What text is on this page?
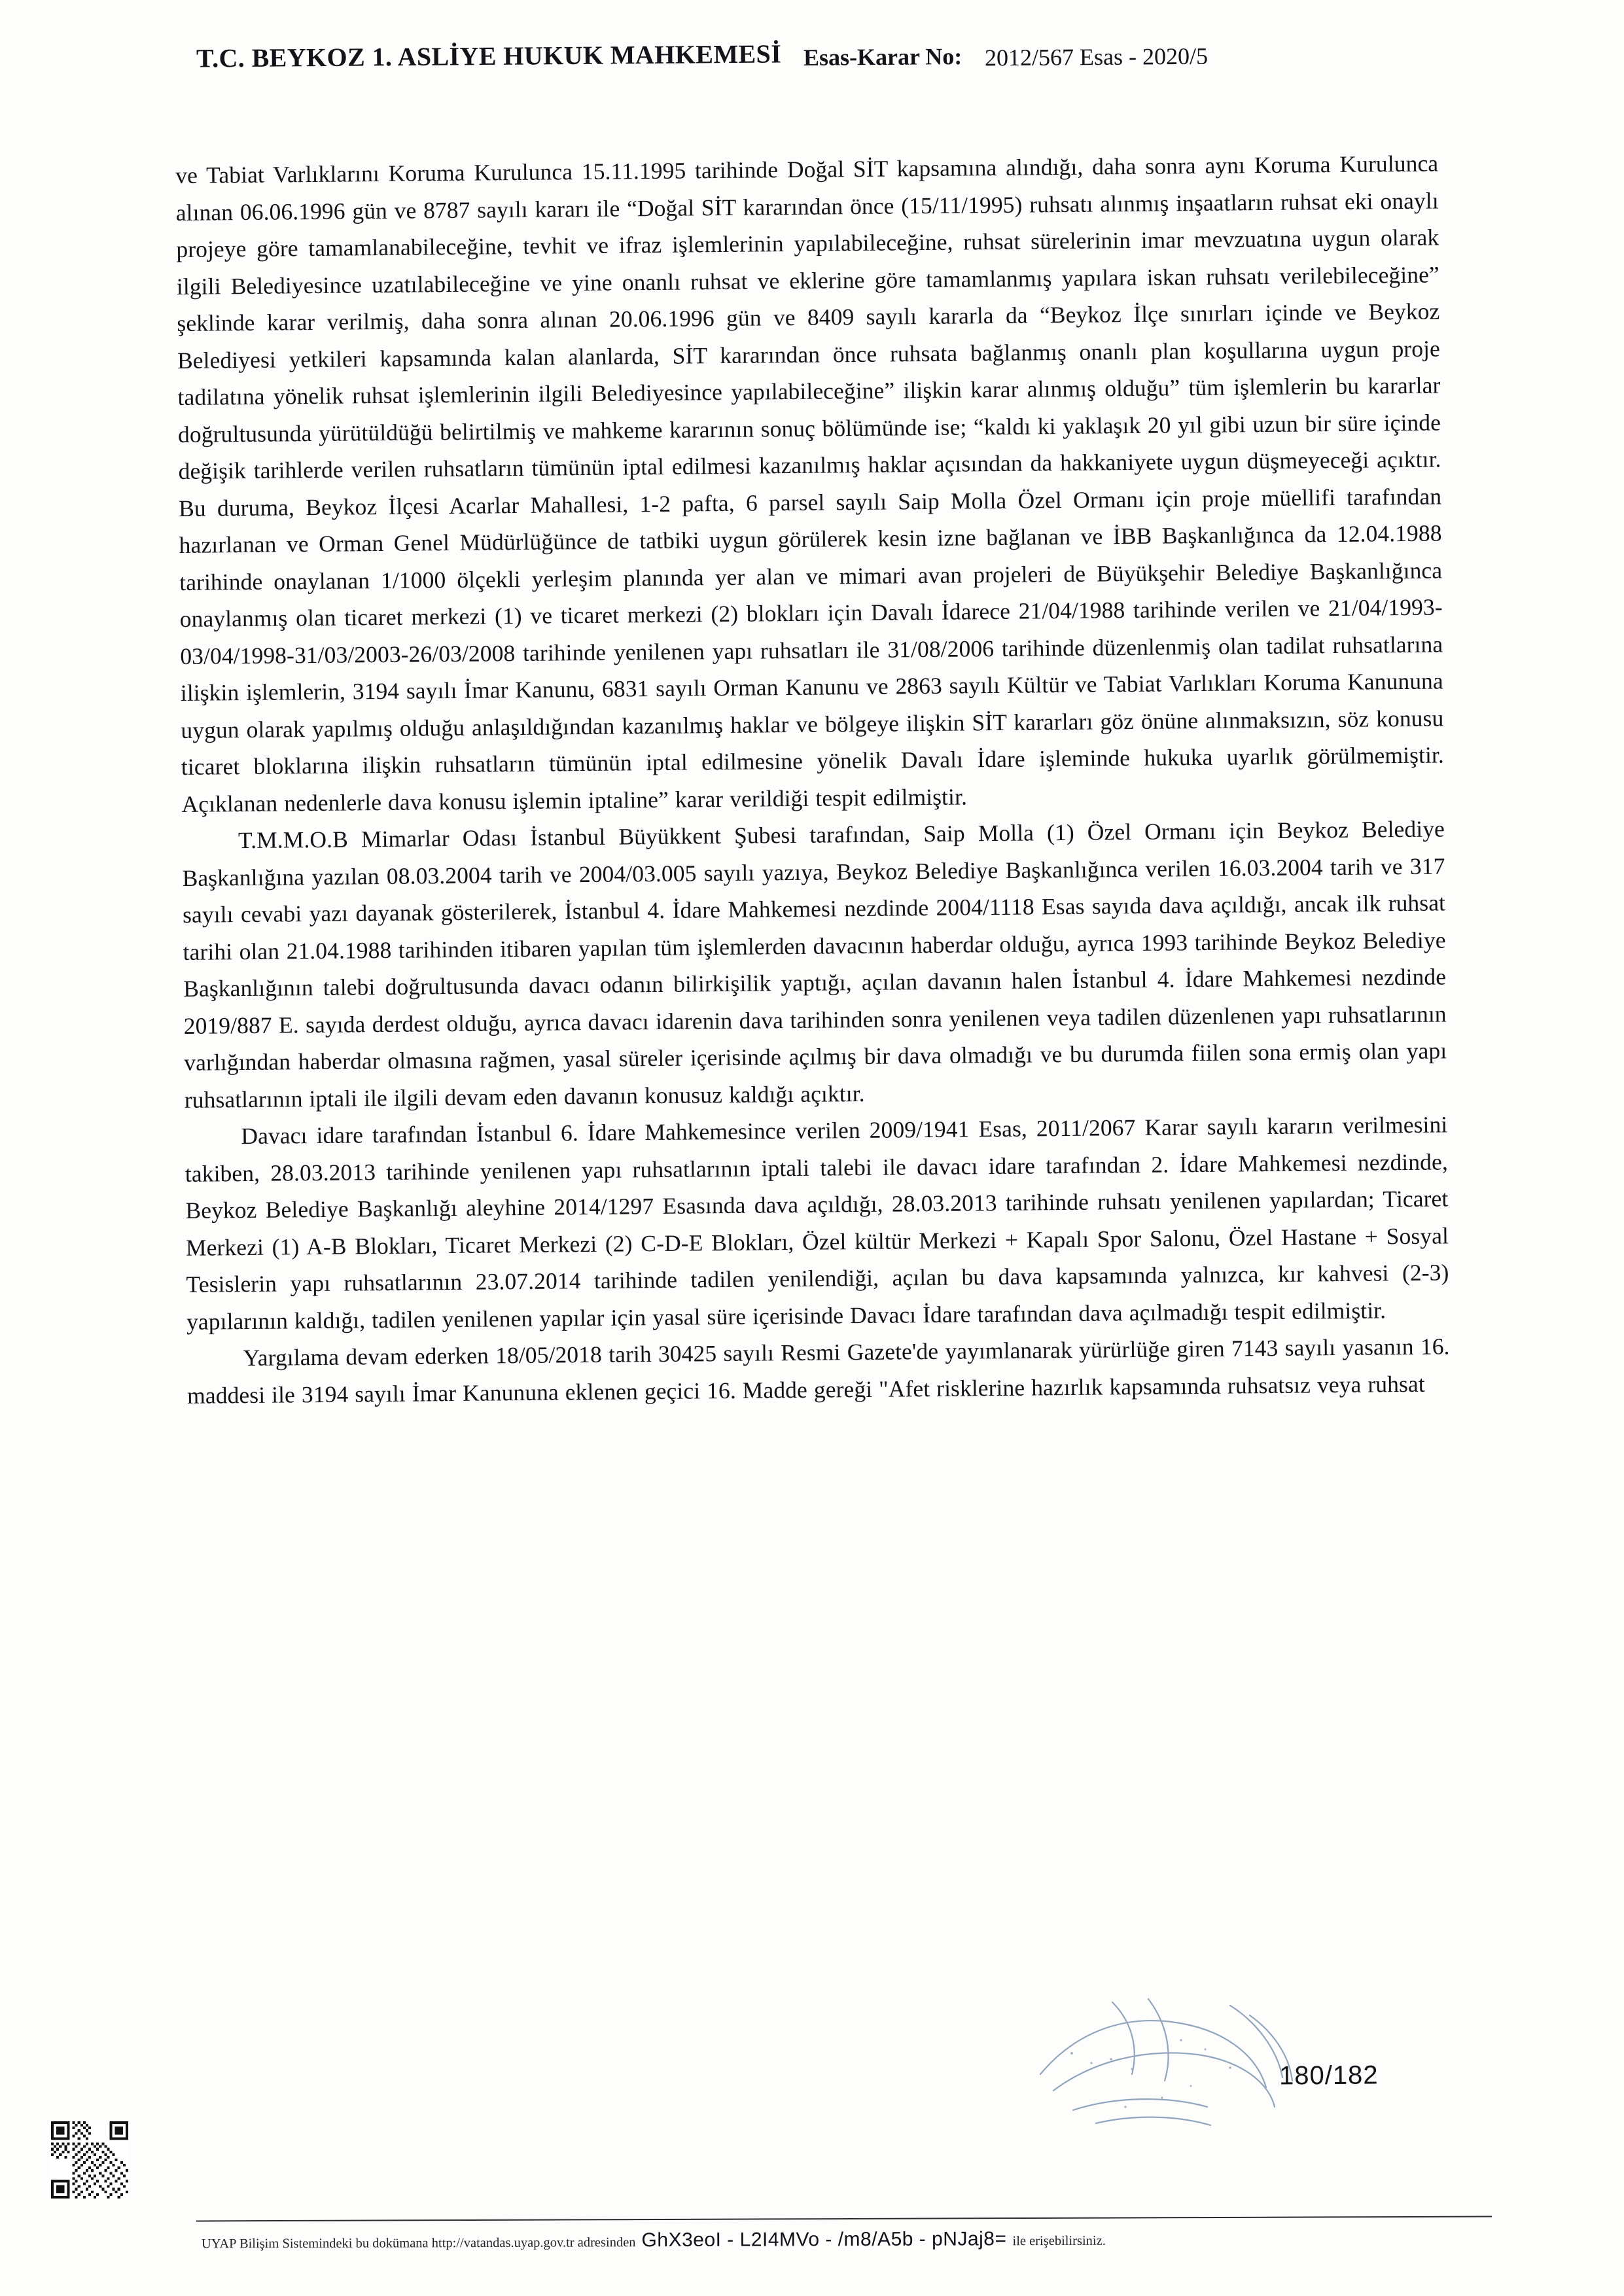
T.C. BEYKOZ 1. ASLİYE HUKUK MAHKEMESİ Esas-Karar No: 2012/567 Esas - 2020/5

ve Tabiat Varlıklarını Koruma Kurulunca 15.11.1995 tarihinde Doğal SİT kapsamına alındığı, daha sonra aynı Koruma Kurulunca alınan 06.06.1996 gün ve 8787 sayılı kararı ile “Doğal SİT kararından önce (15/11/1995) ruhsatı alınmış inşaatların ruhsat eki onaylı projeye göre tamamlanabileceğine, tevhit ve ifraz işlemlerinin yapılabileceğine, ruhsat sürelerinin imar mevzuatına uygun olarak ilgili Belediyesince uzatılabileceğine ve yine onanlı ruhsat ve eklerine göre tamamlanmış yapılara iskan ruhsatı verilebileceğine” şeklinde karar verilmiş, daha sonra alınan 20.06.1996 gün ve 8409 sayılı kararla da “Beykoz İlçe sınırları içinde ve Beykoz Belediyesi yetkileri kapsamında kalan alanlarda, SİT kararından önce ruhsata bağlanmış onanlı plan koşullarına uygun proje tadilatına yönelik ruhsat işlemlerinin ilgili Belediyesince yapılabileceğine” ilişkin karar alınmış olduğu” tüm işlemlerin bu kararlar doğrultusunda yürütüldüğü belirtilmiş ve mahkeme kararının sonuç bölümünde ise; “kaldı ki yaklaşık 20 yıl gibi uzun bir süre içinde değişik tarihlerde verilen ruhsatların tümünün iptal edilmesi kazanılmış haklar açısından da hakkaniyete uygun düşmeyeceği açıktır. Bu duruma, Beykoz İlçesi Acarlar Mahallesi, 1-2 pafta, 6 parsel sayılı Saip Molla Özel Ormanı için proje müellifi tarafından hazırlanan ve Orman Genel Müdürlüğünce de tatbiki uygun görülerek kesin izne bağlanan ve İBB Başkanlığınca da 12.04.1988 tarihinde onaylanan 1/1000 ölçekli yerleşim planında yer alan ve mimari avan projeleri de Büyükşehir Belediye Başkanlığınca onaylanmış olan ticaret merkezi (1) ve ticaret merkezi (2) blokları için Davalı İdarece 21/04/1988 tarihinde verilen ve 21/04/1993-03/04/1998-31/03/2003-26/03/2008 tarihinde yenilenen yapı ruhsatları ile 31/08/2006 tarihinde düzenlenmiş olan tadilat ruhsatlarına ilişkin işlemlerin, 3194 sayılı İmar Kanunu, 6831 sayılı Orman Kanunu ve 2863 sayılı Kültür ve Tabiat Varlıkları Koruma Kanununa uygun olarak yapılmış olduğu anlaşıldığından kazanılmış haklar ve bölgeye ilişkin SİT kararları göz önüne alınmaksızın, söz konusu ticaret bloklarına ilişkin ruhsatların tümünün iptal edilmesine yönelik Davalı İdare işleminde hukuka uyarlık görülmemiştir. Açıklanan nedenlerle dava konusu işlemin iptaline” karar verildiği tespit edilmiştir.

T.M.M.O.B Mimarlar Odası İstanbul Büyükkent Şubesi tarafından, Saip Molla (1) Özel Ormanı için Beykoz Belediye Başkanlığına yazılan 08.03.2004 tarih ve 2004/03.005 sayılı yazıya, Beykoz Belediye Başkanlığınca verilen 16.03.2004 tarih ve 317 sayılı cevabi yazı dayanak gösterilerek, İstanbul 4. İdare Mahkemesi nezdinde 2004/1118 Esas sayıda dava açıldığı, ancak ilk ruhsat tarihi olan 21.04.1988 tarihinden itibaren yapılan tüm işlemlerden davacının haberdar olduğu, ayrıca 1993 tarihinde Beykoz Belediye Başkanlığının talebi doğrultusunda davacı odanın bilirkişilik yaptığı, açılan davanın halen İstanbul 4. İdare Mahkemesi nezdinde 2019/887 E. sayıda derdest olduğu, ayrıca davacı idarenin dava tarihinden sonra yenilenen veya tadilen düzenlenen yapı ruhsatlarının varlığından haberdar olmasına rağmen, yasal süreler içerisinde açılmış bir dava olmadığı ve bu durumda fiilen sona ermiş olan yapı ruhsatlarının iptali ile ilgili devam eden davanın konusuz kaldığı açıktır.

Davacı idare tarafından İstanbul 6. İdare Mahkemesince verilen 2009/1941 Esas, 2011/2067 Karar sayılı kararın verilmesini takiben, 28.03.2013 tarihinde yenilenen yapı ruhsatlarının iptali talebi ile davacı idare tarafından 2. İdare Mahkemesi nezdinde, Beykoz Belediye Başkanlığı aleyhine 2014/1297 Esasında dava açıldığı, 28.03.2013 tarihinde ruhsatı yenilenen yapılardan; Ticaret Merkezi (1) A-B Blokları, Ticaret Merkezi (2) C-D-E Blokları, Özel kültür Merkezi + Kapalı Spor Salonu, Özel Hastane + Sosyal Tesislerin yapı ruhsatlarının 23.07.2014 tarihinde tadilen yenilendiği, açılan bu dava kapsamında yalnızca, kır kahvesi (2-3) yapılarının kaldığı, tadilen yenilenen yapılar için yasal süre içerisinde Davacı İdare tarafından dava açılmadığı tespit edilmiştir.

Yargılama devam ederken 18/05/2018 tarih 30425 sayılı Resmi Gazete'de yayımlanarak yürürlüğe giren 7143 sayılı yasanın 16. maddesi ile 3194 sayılı İmar Kanununa eklenen geçici 16. Madde gereği "Afet risklerine hazırlık kapsamında ruhsatsız veya ruhsat

180/182
UYAP Bilişim Sistemindeki bu dokümana http://vatandas.uyap.gov.tr adresinden GhX3eoI - L2I4MVo - /m8/A5b - pNJaj8= ile erişebilirsiniz.
